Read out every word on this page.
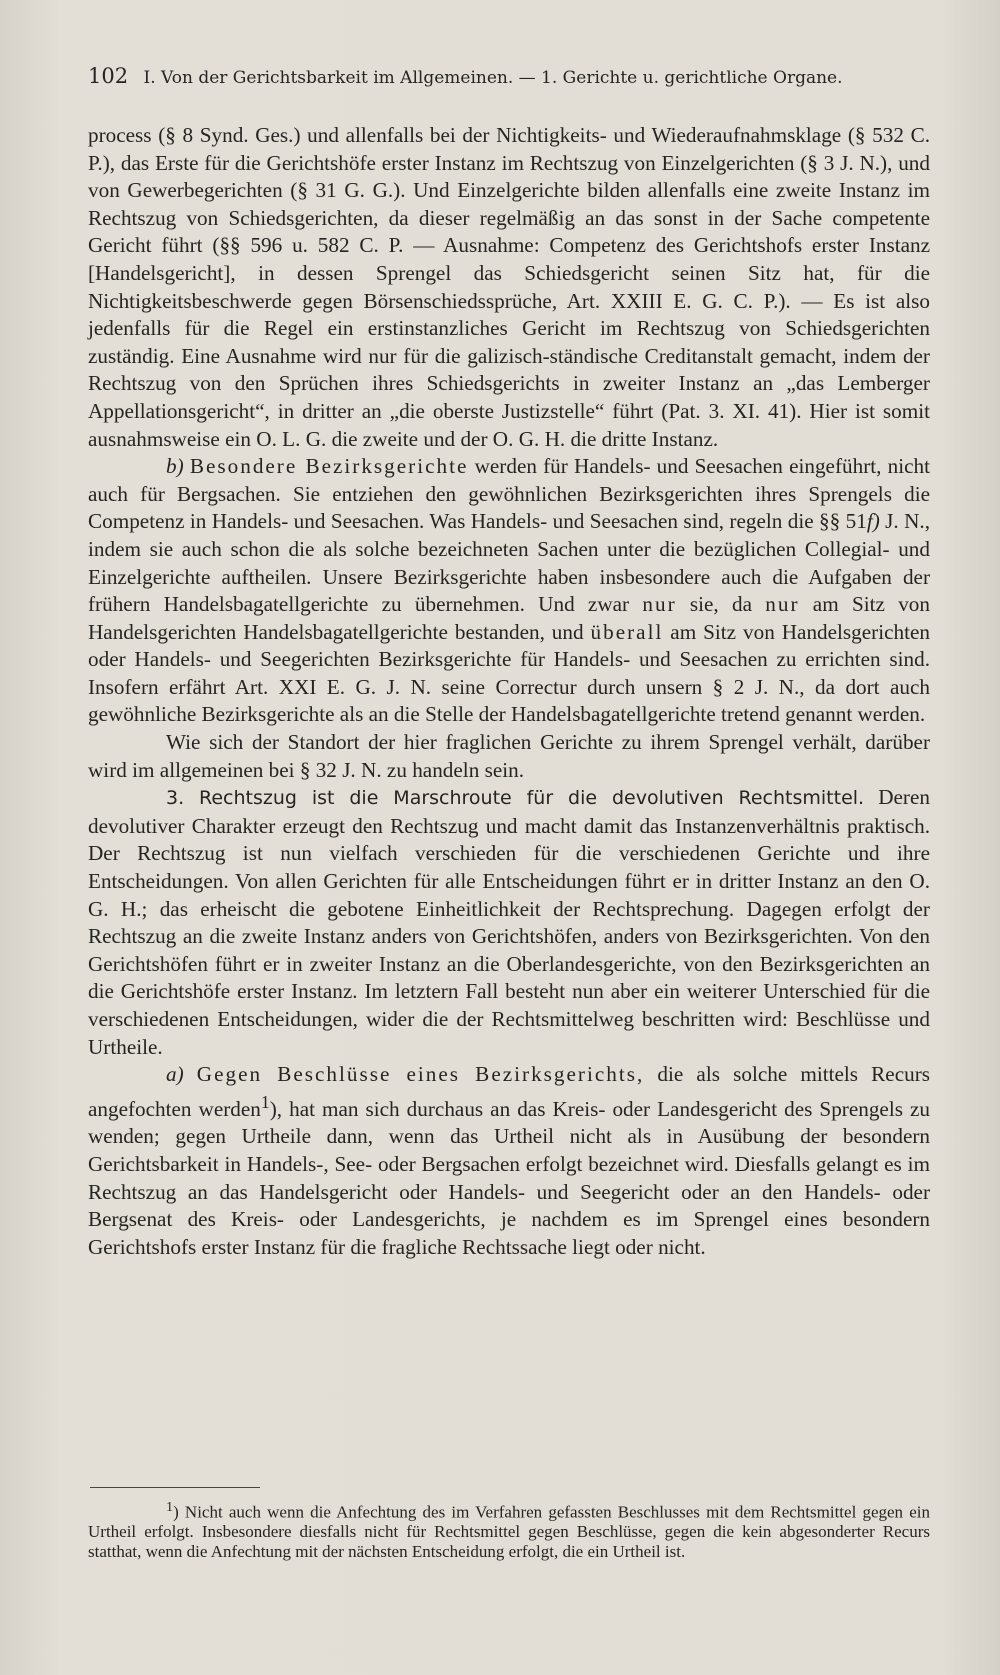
102 I. Von der Gerichtsbarkeit im Allgemeinen. — 1. Gerichte u. gerichtliche Organe.

process (§ 8 Synd. Ges.) und allenfalls bei der Nichtigkeits- und Wiederaufnahmsklage (§ 532 C. P.), das Erste für die Gerichtshöfe erster Instanz im Rechtszug von Einzelgerichten (§ 3 J. N.), und von Gewerbegerichten (§ 31 G. G.). Und Einzelgerichte bilden allenfalls eine zweite Instanz im Rechtszug von Schiedsgerichten, da dieser regelmäßig an das sonst in der Sache competente Gericht führt (§§ 596 u. 582 C. P. — Ausnahme: Competenz des Gerichtshofs erster Instanz [Handelsgericht], in dessen Sprengel das Schiedsgericht seinen Sitz hat, für die Nichtigkeitsbeschwerde gegen Börsenschiedssprüche, Art. XXIII E. G. C. P.). — Es ist also jedenfalls für die Regel ein erstinstanzliches Gericht im Rechtszug von Schiedsgerichten zuständig. Eine Ausnahme wird nur für die galizisch-ständische Creditanstalt gemacht, indem der Rechtszug von den Sprüchen ihres Schiedsgerichts in zweiter Instanz an „das Lemberger Appellationsgericht“, in dritter an „die oberste Justizstelle“ führt (Pat. 3. XI. 41). Hier ist somit ausnahmsweise ein O. L. G. die zweite und der O. G. H. die dritte Instanz.

b) Besondere Bezirksgerichte werden für Handels- und Seesachen eingeführt, nicht auch für Bergsachen. Sie entziehen den gewöhnlichen Bezirksgerichten ihres Sprengels die Competenz in Handels- und Seesachen. Was Handels- und Seesachen sind, regeln die §§ 51f) J. N., indem sie auch schon die als solche bezeichneten Sachen unter die bezüglichen Collegial- und Einzelgerichte auftheilen. Unsere Bezirksgerichte haben insbesondere auch die Aufgaben der frühern Handelsbagatellgerichte zu übernehmen. Und zwar nur sie, da nur am Sitz von Handelsgerichten Handelsbagatellgerichte bestanden, und überall am Sitz von Handelsgerichten oder Handels- und Seegerichten Bezirksgerichte für Handels- und Seesachen zu errichten sind. Insofern erfährt Art. XXI E. G. J. N. seine Correctur durch unsern § 2 J. N., da dort auch gewöhnliche Bezirksgerichte als an die Stelle der Handelsbagatellgerichte tretend genannt werden.

Wie sich der Standort der hier fraglichen Gerichte zu ihrem Sprengel verhält, darüber wird im allgemeinen bei § 32 J. N. zu handeln sein.

3. Rechtszug ist die Marschroute für die devolutiven Rechtsmittel. Deren devolutiver Charakter erzeugt den Rechtszug und macht damit das Instanzenverhältnis praktisch. Der Rechtszug ist nun vielfach verschieden für die verschiedenen Gerichte und ihre Entscheidungen. Von allen Gerichten für alle Entscheidungen führt er in dritter Instanz an den O. G. H.; das erheischt die gebotene Einheitlichkeit der Rechtsprechung. Dagegen erfolgt der Rechtszug an die zweite Instanz anders von Gerichtshöfen, anders von Bezirksgerichten. Von den Gerichtshöfen führt er in zweiter Instanz an die Oberlandesgerichte, von den Bezirksgerichten an die Gerichtshöfe erster Instanz. Im letztern Fall besteht nun aber ein weiterer Unterschied für die verschiedenen Entscheidungen, wider die der Rechtsmittelweg beschritten wird: Beschlüsse und Urtheile.

a) Gegen Beschlüsse eines Bezirksgerichts, die als solche mittels Recurs angefochten werden$^1$), hat man sich durchaus an das Kreis- oder Landesgericht des Sprengels zu wenden; gegen Urtheile dann, wenn das Urtheil nicht als in Ausübung der besondern Gerichtsbarkeit in Handels-, See- oder Bergsachen erfolgt bezeichnet wird. Diesfalls gelangt es im Rechtszug an das Handelsgericht oder Handels- und Seegericht oder an den Handels- oder Bergsenat des Kreis- oder Landesgerichts, je nachdem es im Sprengel eines besondern Gerichtshofs erster Instanz für die fragliche Rechtssache liegt oder nicht.

$^1$) Nicht auch wenn die Anfechtung des im Verfahren gefassten Beschlusses mit dem Rechtsmittel gegen ein Urtheil erfolgt. Insbesondere diesfalls nicht für Rechtsmittel gegen Beschlüsse, gegen die kein abgesonderter Recurs statthat, wenn die Anfechtung mit der nächsten Entscheidung erfolgt, die ein Urtheil ist.
